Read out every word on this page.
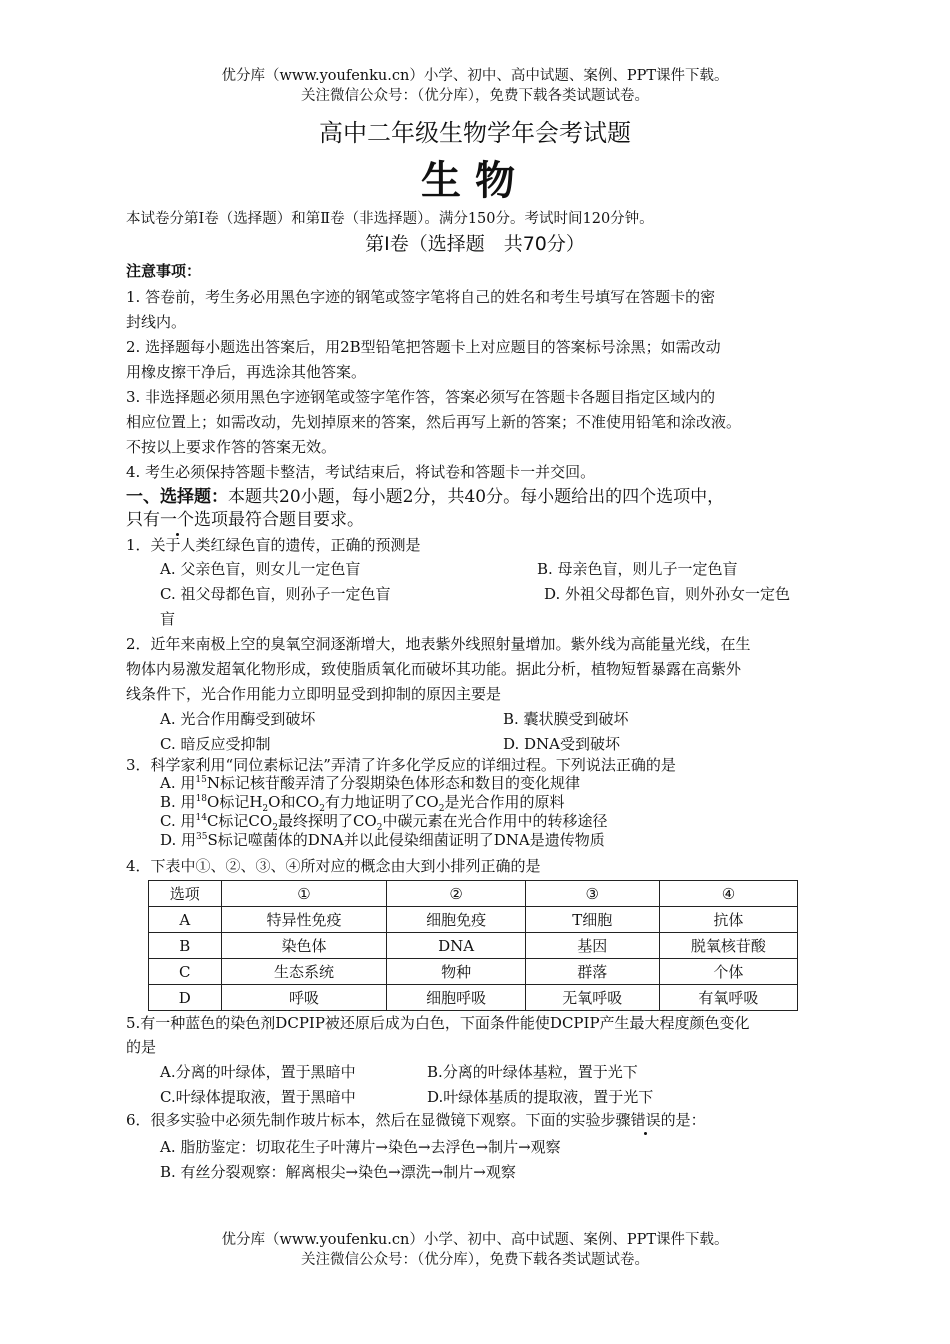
优分库（www.youfenku.cn）小学、初中、高中试题、案例、PPT课件下载。
关注微信公众号：（优分库），免费下载各类试题试卷。
高中二年级生物学年会考试题
生物
本试卷分第Ⅰ卷（选择题）和第Ⅱ卷（非选择题）。满分150分。考试时间120分钟。
第Ⅰ卷（选择题　共70分）
注意事项：
1. 答卷前，考生务必用黑色字迹的钢笔或签字笔将自己的姓名和考生号填写在答题卡的密
封线内。
2. 选择题每小题选出答案后，用2B型铅笔把答题卡上对应题目的答案标号涂黑；如需改动
用橡皮擦干净后，再选涂其他答案。
3. 非选择题必须用黑色字迹钢笔或签字笔作答，答案必须写在答题卡各题目指定区域内的
相应位置上；如需改动，先划掉原来的答案，然后再写上新的答案；不准使用铅笔和涂改液。
不按以上要求作答的答案无效。
4. 考生必须保持答题卡整洁，考试结束后，将试卷和答题卡一并交回。
一、选择题：本题共20小题，每小题2分，共40分。每小题给出的四个选项中，
只有一个选项最符合题目要求。
1．关于人类红绿色盲的遗传，正确的预测是
A. 父亲色盲，则女儿一定色盲	B. 母亲色盲，则儿子一定色盲
C. 祖父母都色盲，则孙子一定色盲	D. 外祖父母都色盲，则外孙女一定色
盲
2．近年来南极上空的臭氧空洞逐渐增大，地表紫外线照射量增加。紫外线为高能量光线，在生
物体内易激发超氧化物形成，致使脂质氧化而破坏其功能。据此分析，植物短暂暴露在高紫外
线条件下，光合作用能力立即明显受到抑制的原因主要是
A. 光合作用酶受到破坏	B. 囊状膜受到破坏
C. 暗反应受抑制	D. DNA受到破坏
3．科学家利用“同位素标记法”弄清了许多化学反应的详细过程。下列说法正确的是
A. 用$^{15}$N标记核苷酸弄清了分裂期染色体形态和数目的变化规律
B. 用$^{18}$O标记$H_2O$和$CO_2$有力地证明了$CO_2$是光合作用的原料
C. 用$^{14}$C标记$CO_2$最终探明了$CO_2$中碳元素在光合作用中的转移途径
D. 用$^{35}$S标记噬菌体的DNA并以此侵染细菌证明了DNA是遗传物质
4．下表中①、②、③、④所对应的概念由大到小排列正确的是
选项	①	②	③	④
A	特异性免疫	细胞免疫	T细胞	抗体
B	染色体	DNA	基因	脱氧核苷酸
C	生态系统	物种	群落	个体
D	呼吸	细胞呼吸	无氧呼吸	有氧呼吸
5.有一种蓝色的染色剂DCPIP被还原后成为白色，下面条件能使DCPIP产生最大程度颜色变化
的是
A.分离的叶绿体，置于黑暗中	B.分离的叶绿体基粒，置于光下
C.叶绿体提取液，置于黑暗中	D.叶绿体基质的提取液，置于光下
6．很多实验中必须先制作玻片标本，然后在显微镜下观察。下面的实验步骤错误的是：
A. 脂肪鉴定：切取花生子叶薄片→染色→去浮色→制片→观察
B. 有丝分裂观察：解离根尖→染色→漂洗→制片→观察
优分库（www.youfenku.cn）小学、初中、高中试题、案例、PPT课件下载。
关注微信公众号：（优分库），免费下载各类试题试卷。
